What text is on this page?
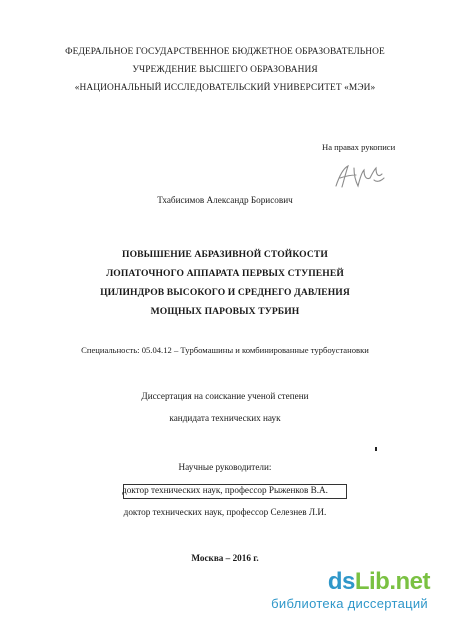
ФЕДЕРАЛЬНОЕ ГОСУДАРСТВЕННОЕ БЮДЖЕТНОЕ ОБРАЗОВАТЕЛЬНОЕ
УЧРЕЖДЕНИЕ ВЫСШЕГО ОБРАЗОВАНИЯ
«НАЦИОНАЛЬНЫЙ ИССЛЕДОВАТЕЛЬСКИЙ УНИВЕРСИТЕТ «МЭИ»
На правах рукописи
Тхабисимов Александр Борисович
ПОВЫШЕНИЕ АБРАЗИВНОЙ СТОЙКОСТИ
ЛОПАТОЧНОГО АППАРАТА ПЕРВЫХ СТУПЕНЕЙ
ЦИЛИНДРОВ ВЫСОКОГО И СРЕДНЕГО ДАВЛЕНИЯ
МОЩНЫХ ПАРОВЫХ ТУРБИН
Специальность: 05.04.12 – Турбомашины и комбинированные турбоустановки
Диссертация на соискание ученой степени
кандидата технических наук
Научные руководители:
доктор технических наук, профессор Рыженков В.А.
доктор технических наук, профессор Селезнев Л.И.
Москва – 2016 г.
dsLib.net
библиотека диссертаций
